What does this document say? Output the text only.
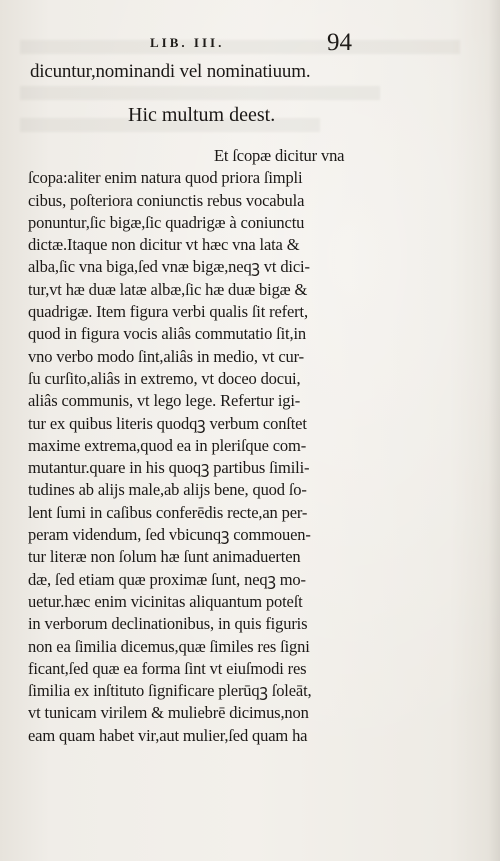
LIB. III.	94
dicuntur,nominandi vel nominatiuum.
Hic multum deest.
Et ſcopæ dicitur vna
ſcopa:aliter enim natura quod priora ſimpli
cibus, poſteriora coniunctis rebus vocabula
ponuntur,ſic bigæ,ſic quadrigæ à coniunctu
dictæ.Itaque non dicitur vt hæc vna lata &
alba,ſic vna biga,ſed vnæ bigæ,neqꝫ vt dici-
tur,vt hæ duæ latæ albæ,ſic hæ duæ bigæ &
quadrigæ. Item figura verbi qualis ſit refert,
quod in figura vocis aliâs commutatio ſit,in
vno verbo modo ſint,aliâs in medio, vt cur-
ſu curſito,aliâs in extremo, vt doceo docui,
aliâs communis, vt lego lege. Refertur igi-
tur ex quibus literis quodqꝫ verbum conſtet
maxime extrema,quod ea in pleriſque com-
mutantur.quare in his quoqꝫ partibus ſimili-
tudines ab alijs male,ab alijs bene, quod ſo-
lent ſumi in caſibus conferēdis recte,an per-
peram videndum, ſed vbicunqꝫ commouen-
tur literæ non ſolum hæ ſunt animaduerten
dæ, ſed etiam quæ proximæ ſunt, neqꝫ mo-
uetur.hæc enim vicinitas aliquantum poteſt
in verborum declinationibus, in quis figuris
non ea ſimilia dicemus,quæ ſimiles res ſigni
ficant,ſed quæ ea forma ſint vt eiuſmodi res
ſimilia ex inſtituto ſignificare plerūqꝫ ſoleāt,
vt tunicam virilem & muliebrē dicimus,non
eam quam habet vir,aut mulier,ſed quam ha
